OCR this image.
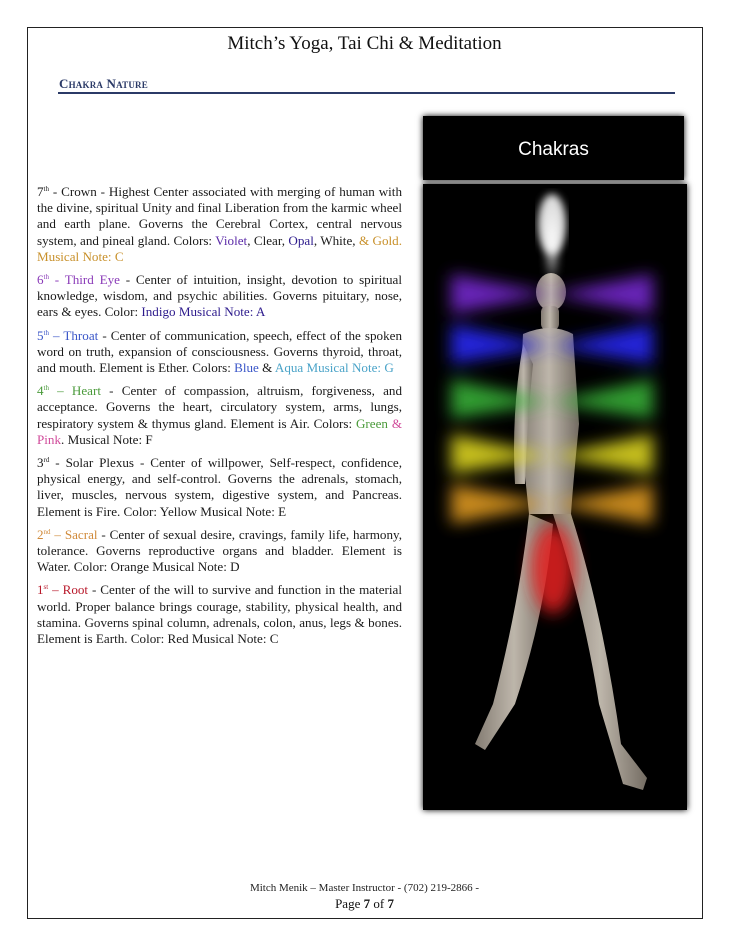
Mitch’s Yoga, Tai Chi & Meditation
Chakra Nature

7th - Crown - Highest Center associated with merging of human with the divine, spiritual Unity and final Liberation from the karmic wheel and earth plane. Governs the Cerebral Cortex, central nervous system, and pineal gland. Colors: Violet, Clear, Opal, White, & Gold. Musical Note: C

6th - Third Eye - Center of intuition, insight, devotion to spiritual knowledge, wisdom, and psychic abilities. Governs pituitary, nose, ears & eyes. Color: Indigo Musical Note: A

5th – Throat - Center of communication, speech, effect of the spoken word on truth, expansion of consciousness. Governs thyroid, throat, and mouth. Element is Ether. Colors: Blue & Aqua Musical Note: G

4th – Heart - Center of compassion, altruism, forgiveness, and acceptance. Governs the heart, circulatory system, arms, lungs, respiratory system & thymus gland. Element is Air. Colors: Green & Pink. Musical Note: F

3rd - Solar Plexus - Center of willpower, Self-respect, confidence, physical energy, and self-control. Governs the adrenals, stomach, liver, muscles, nervous system, digestive system, and Pancreas. Element is Fire. Color: Yellow Musical Note: E

2nd – Sacral - Center of sexual desire, cravings, family life, harmony, tolerance. Governs reproductive organs and bladder. Element is Water. Color: Orange Musical Note: D

1st – Root - Center of the will to survive and function in the material world. Proper balance brings courage, stability, physical health, and stamina. Governs spinal column, adrenals, colon, anus, legs & bones. Element is Earth. Color: Red Musical Note: C

Chakras
Mitch Menik – Master Instructor - (702) 219-2866 -
Page 7 of 7
